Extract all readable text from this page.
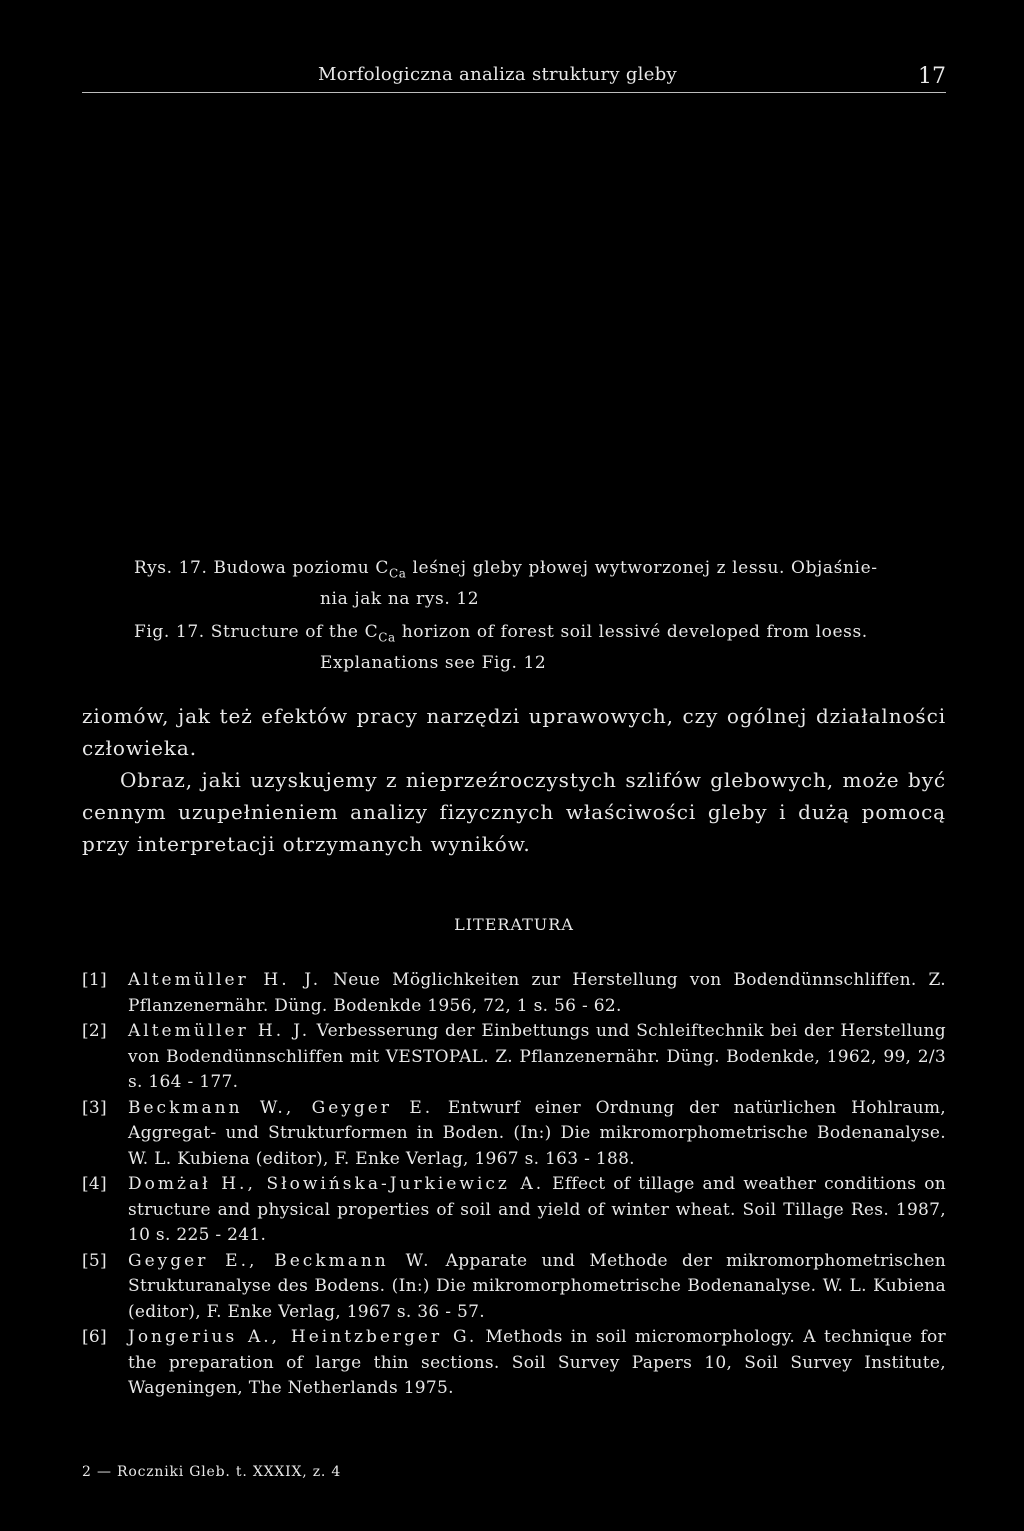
Morfologiczna analiza struktury gleby	17
Rys. 17. Budowa poziomu $C_{Ca}$ leśnej gleby płowej wytworzonej z lessu. Objaśnie-
nia jak na rys. 12
Fig. 17. Structure of the $C_{Ca}$ horizon of forest soil lessivé developed from loess.
Explanations see Fig. 12

ziomów, jak też efektów pracy narzędzi uprawowych, czy ogólnej działalności człowieka.

Obraz, jaki uzyskujemy z nieprzeźroczystych szlifów glebowych, może być cennym uzupełnieniem analizy fizycznych właściwości gleby i dużą pomocą przy interpretacji otrzymanych wyników.

LITERATURA

[1] Altemüller H. J. Neue Möglichkeiten zur Herstellung von Bodendünnschliffen. Z. Pflanzenernähr. Düng. Bodenkde 1956, 72, 1 s. 56 - 62.

[2] Altemüller H. J. Verbesserung der Einbettungs und Schleiftechnik bei der Herstellung von Bodendünnschliffen mit VESTOPAL. Z. Pflanzenernähr. Düng. Bodenkde, 1962, 99, 2/3 s. 164 - 177.

[3] Beckmann W., Geyger E. Entwurf einer Ordnung der natürlichen Hohlraum, Aggregat- und Strukturformen in Boden. (In:) Die mikromorphometrische Bodenanalyse. W. L. Kubiena (editor), F. Enke Verlag, 1967 s. 163 - 188.

[4] Domżał H., Słowińska-Jurkiewicz A. Effect of tillage and weather conditions on structure and physical properties of soil and yield of winter wheat. Soil Tillage Res. 1987, 10 s. 225 - 241.

[5] Geyger E., Beckmann W. Apparate und Methode der mikromorphometrischen Strukturanalyse des Bodens. (In:) Die mikromorphometrische Bodenanalyse. W. L. Kubiena (editor), F. Enke Verlag, 1967 s. 36 - 57.

[6] Jongerius A., Heintzberger G. Methods in soil micromorphology. A technique for the preparation of large thin sections. Soil Survey Papers 10, Soil Survey Institute, Wageningen, The Netherlands 1975.

2 — Roczniki Gleb. t. XXXIX, z. 4
